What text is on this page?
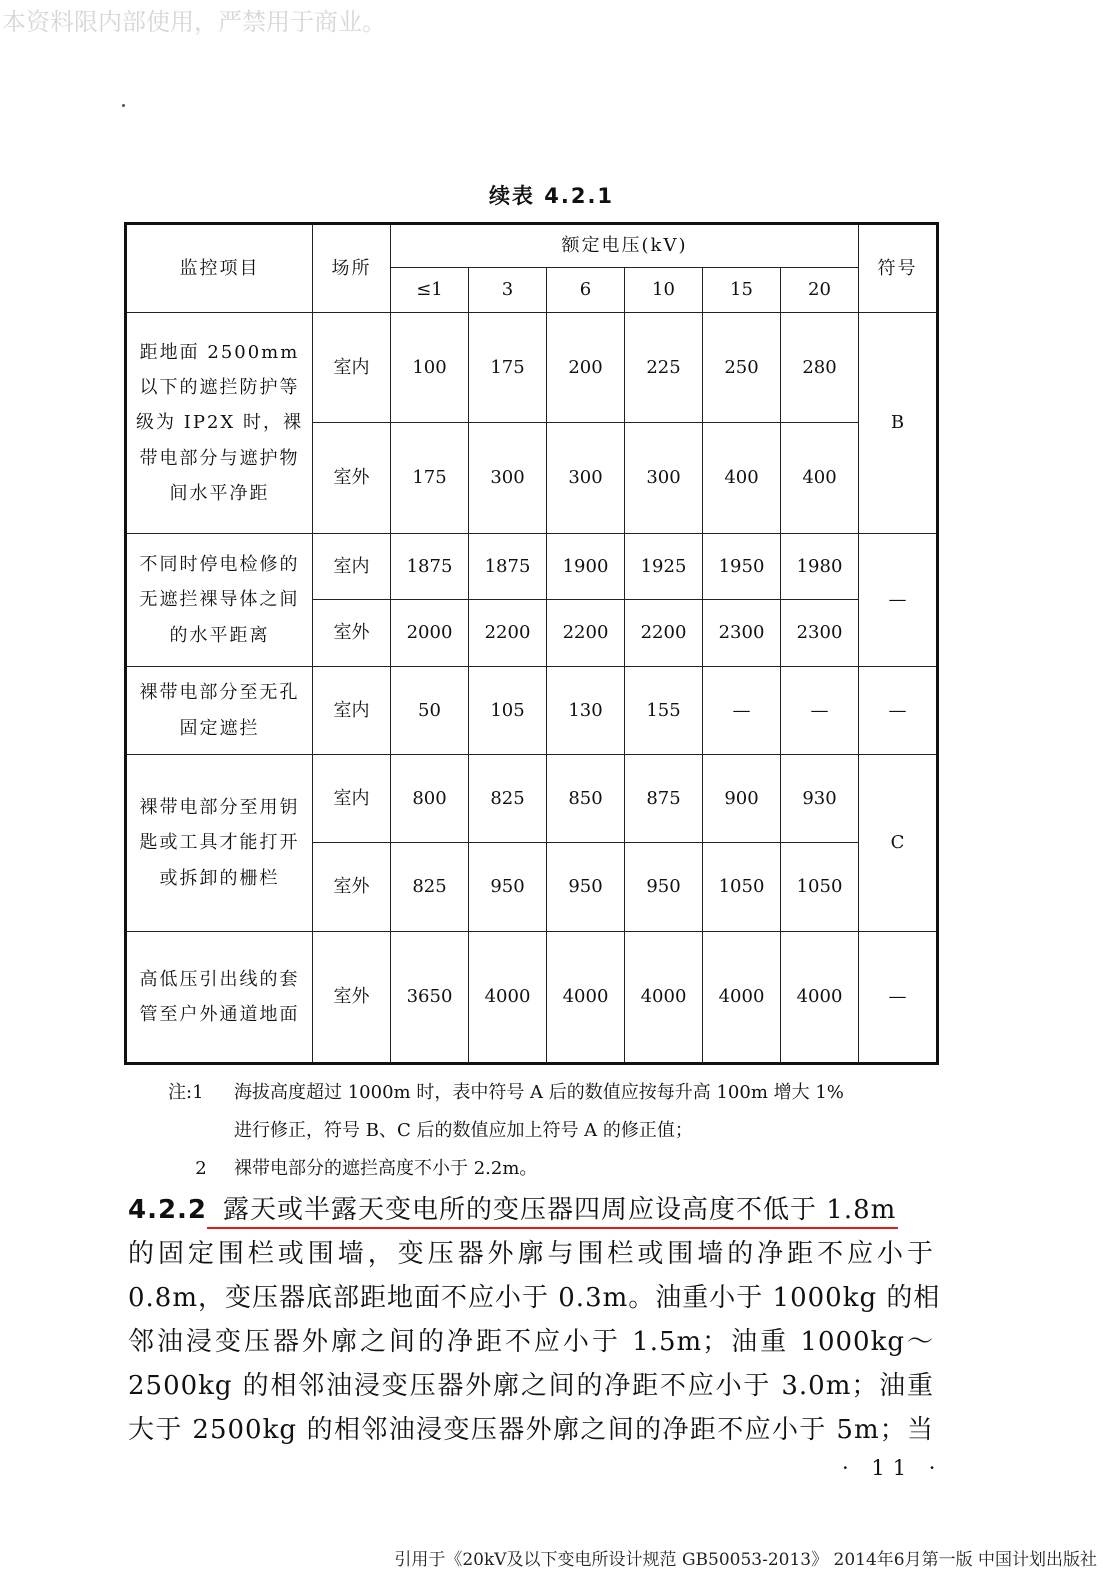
本资料限内部使用，严禁用于商业。
续表 4.2.1
监控项目	场所	额定电压(kV)						符号
		≤1	3	6	10	15	20	
距地面 2500mm 以下的遮拦防护等级为 IP2X 时，裸带电部分与遮护物间水平净距	室内	100	175	200	225	250	280	B
	室外	175	300	300	300	400	400	
不同时停电检修的无遮拦裸导体之间的水平距离	室内	1875	1875	1900	1925	1950	1980	—
	室外	2000	2200	2200	2200	2300	2300	
裸带电部分至无孔固定遮拦	室内	50	105	130	155	—	—	—
裸带电部分至用钥匙或工具才能打开或拆卸的栅栏	室内	800	825	850	875	900	930	C
	室外	825	950	950	950	1050	1050	
高低压引出线的套管至户外通道地面	室外	3650	4000	4000	4000	4000	4000	—
注:1	海拔高度超过 1000m 时，表中符号 A 后的数值应按每升高 100m 增大 1%
进行修正，符号 B、C 后的数值应加上符号 A 的修正值；
2	裸带电部分的遮拦高度不小于 2.2m。
4.2.2 露天或半露天变电所的变压器四周应设高度不低于 1.8m
的固定围栏或围墙，变压器外廓与围栏或围墙的净距不应小于
0.8m，变压器底部距地面不应小于 0.3m。油重小于 1000kg 的相
邻油浸变压器外廓之间的净距不应小于 1.5m；油重 1000kg～
2500kg 的相邻油浸变压器外廓之间的净距不应小于 3.0m；油重
大于 2500kg 的相邻油浸变压器外廓之间的净距不应小于 5m；当
· 11 ·
引用于《20kV及以下变电所设计规范 GB50053-2013》 2014年6月第一版 中国计划出版社
